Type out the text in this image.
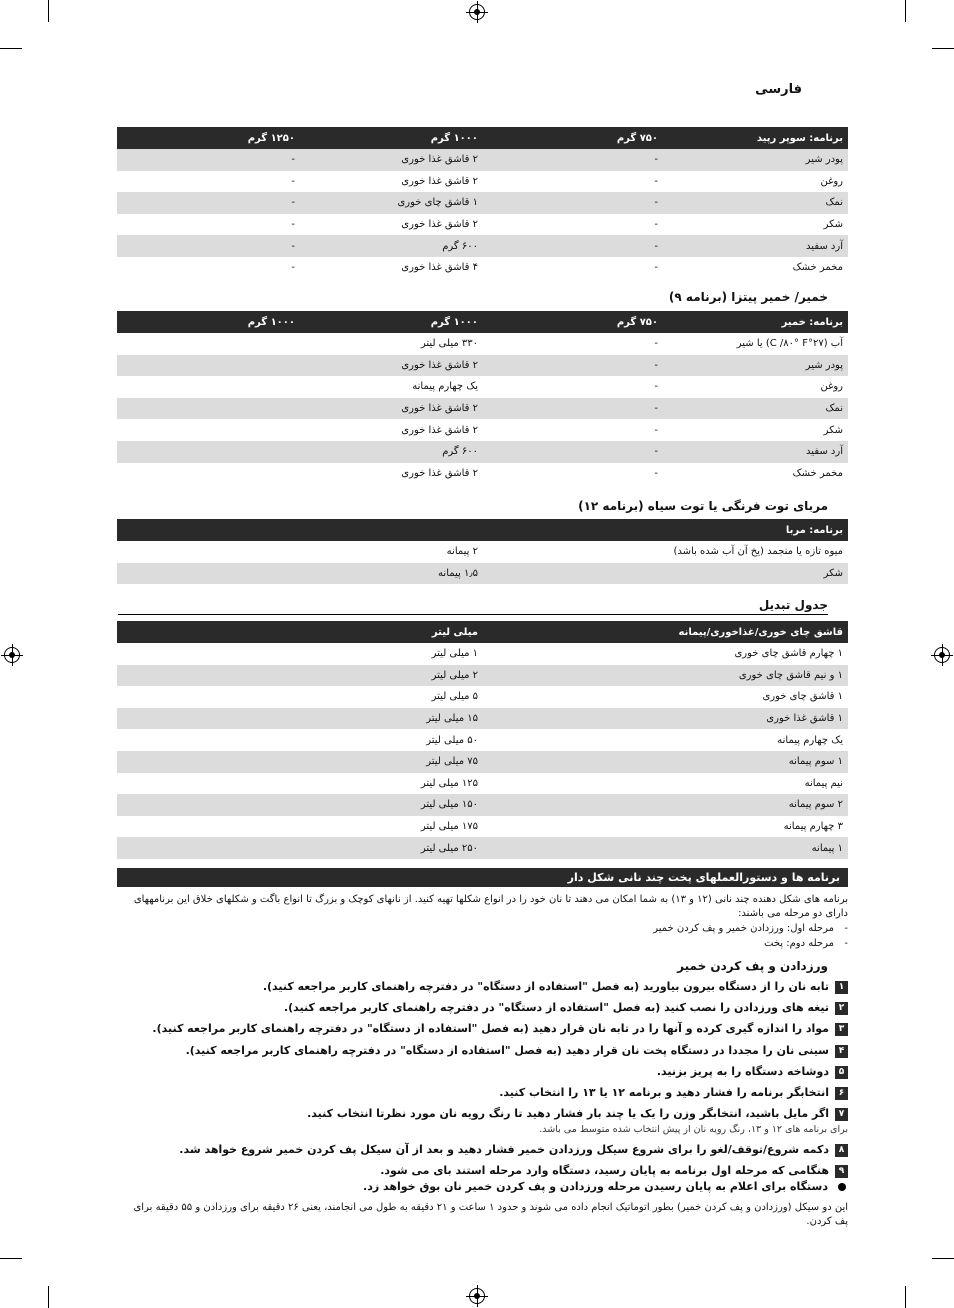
فارسی
برنامه: سوپر رپید	۷۵۰ گرم	۱۰۰۰ گرم	۱۲۵۰ گرم
پودر شیر	-	۲ قاشق غذا خوری	-
روغن	-	۲ قاشق غذا خوری	-
نمک	-	۱ قاشق چای خوری	-
شکر	-	۲ قاشق غذا خوری	-
آرد سفید	-	۶۰۰ گرم	-
مخمر خشک	-	۴ قاشق غذا خوری	-
خمیر/ خمیر پیتزا (برنامه ۹)
برنامه: خمیر	۷۵۰ گرم	۱۰۰۰ گرم	۱۰۰۰ گرم
آب (۲۷°C /۸۰° F) یا شیر	-	۳۳۰ میلی لیتر	
پودر شیر	-	۲ قاشق غذا خوری	
روغن	-	یک چهارم پیمانه	
نمک	-	۲ قاشق غذا خوری	
شکر	-	۲ قاشق غذا خوری	
آرد سفید	-	۶۰۰ گرم	
مخمر خشک	-	۲ قاشق غذا خوری	
مربای توت فرنگی یا توت سیاه (برنامه ۱۲)
برنامه: مربا			
میوه تازه یا منجمد (یخ آن آب شده باشد)		۲ پیمانه	
شکر		۱٫۵ پیمانه	
جدول تبدیل
قاشق چای خوری/غذاخوری/پیمانه		میلی لیتر	
۱ چهارم قاشق چای خوری		۱ میلی لیتر	
۱ و نیم قاشق چای خوری		۲ میلی لیتر	
۱ قاشق چای خوری		۵ میلی لیتر	
۱ قاشق غذا خوری		۱۵ میلی لیتر	
یک چهارم پیمانه		۵۰ میلی لیتر	
۱ سوم پیمانه		۷۵ میلی لیتر	
نیم پیمانه		۱۲۵ میلی لیتر	
۲ سوم پیمانه		۱۵۰ میلی لیتر	
۳ چهارم پیمانه		۱۷۵ میلی لیتر	
۱ پیمانه		۲۵۰ میلی لیتر	
برنامه ها و دستورالعملهای پخت چند نانی شکل دار
برنامه های شکل دهنده چند نانی (۱۲ و ۱۳) به شما امکان می دهند تا نان خود را در انواع شکلها تهیه کنید. از نانهای کوچک و بزرگ تا انواع باگت و شکلهای خلاق این برنامههای دارای دو مرحله می باشند:
-مرحله اول: ورزدادن خمیر و پف کردن خمیر
-مرحله دوم: پخت
ورزدادن و پف کردن خمیر
۱تابه نان را از دستگاه بیرون بیاورید (به فصل "استفاده از دستگاه" در دفترچه راهنمای کاربر مراجعه کنید).
۲تیغه های ورزدادن را نصب کنید (به فصل "استفاده از دستگاه" در دفترچه راهنمای کاربر مراجعه کنید).
۳مواد را اندازه گیری کرده و آنها را در تابه نان قرار دهید (به فصل "استفاده از دستگاه" در دفترچه راهنمای کاربر مراجعه کنید).
۴سینی نان را مجددا در دستگاه پخت نان قرار دهید (به فصل "استفاده از دستگاه" در دفترچه راهنمای کاربر مراجعه کنید).
۵دوشاخه دستگاه را به پریز بزنید.
۶انتخابگر برنامه را فشار دهید و برنامه ۱۲ یا ۱۳ را انتخاب کنید.
۷اگر مایل باشید، انتخابگر وزن را یک یا چند بار فشار دهید تا رنگ رویه نان مورد نظرتا انتخاب کنید.
برای برنامه های ۱۲ و ۱۳، رنگ رویه نان از پیش انتخاب شده متوسط می باشد.
۸دکمه شروع/توقف/لغو را برای شروع سیکل ورزدادن خمیر فشار دهید و بعد از آن سیکل پف کردن خمیر شروع خواهد شد.
۹هنگامی که مرحله اول برنامه به پایان رسید، دستگاه وارد مرحله استند بای می شود.
دستگاه برای اعلام به پایان رسیدن مرحله ورزدادن و پف کردن خمیر نان بوق خواهد زد.
این دو سیکل (ورزدادن و پف کردن خمیر) بطور اتوماتیک انجام داده می شوند و حدود ۱ ساعت و ۲۱ دقیقه به طول می انجامند، یعنی ۲۶ دقیقه برای ورزدادن و ۵۵ دقیقه برای پف کردن.
